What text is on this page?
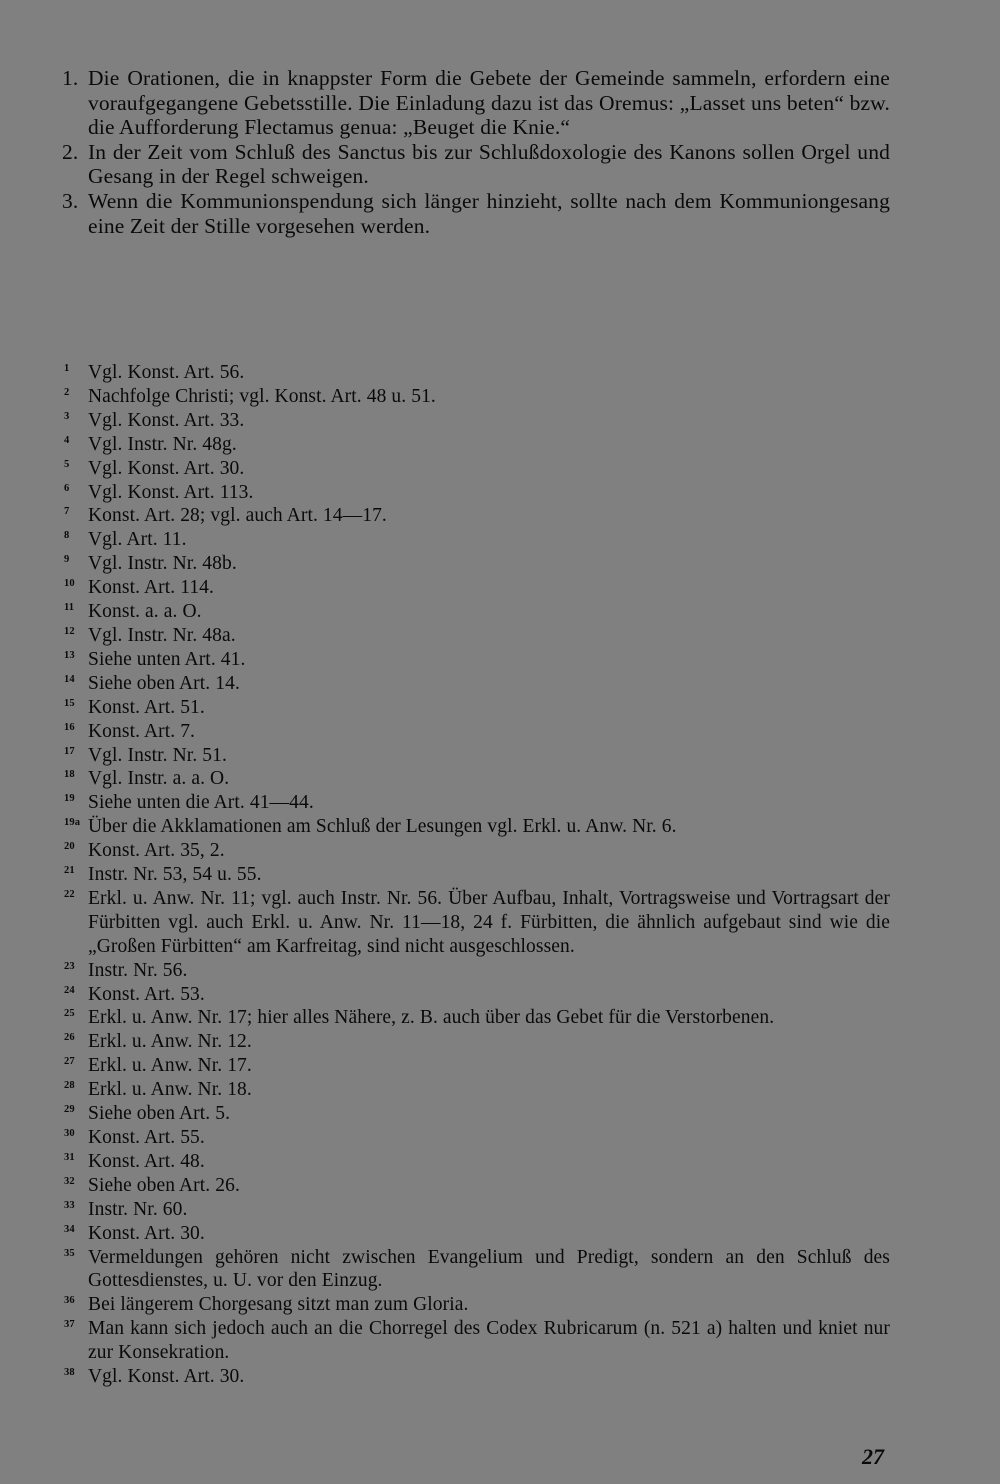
1. Die Orationen, die in knappster Form die Gebete der Gemeinde sammeln, erfordern eine voraufgegangene Gebetsstille. Die Einladung dazu ist das Oremus: „Lasset uns beten“ bzw. die Aufforderung Flectamus genua: „Beuget die Knie.“
2. In der Zeit vom Schluß des Sanctus bis zur Schlußdoxologie des Kanons sollen Orgel und Gesang in der Regel schweigen.
3. Wenn die Kommunionspendung sich länger hinzieht, sollte nach dem Kommuniongesang eine Zeit der Stille vorgesehen werden.
1 Vgl. Konst. Art. 56.
2 Nachfolge Christi; vgl. Konst. Art. 48 u. 51.
3 Vgl. Konst. Art. 33.
4 Vgl. Instr. Nr. 48g.
5 Vgl. Konst. Art. 30.
6 Vgl. Konst. Art. 113.
7 Konst. Art. 28; vgl. auch Art. 14—17.
8 Vgl. Art. 11.
9 Vgl. Instr. Nr. 48b.
10 Konst. Art. 114.
11 Konst. a. a. O.
12 Vgl. Instr. Nr. 48a.
13 Siehe unten Art. 41.
14 Siehe oben Art. 14.
15 Konst. Art. 51.
16 Konst. Art. 7.
17 Vgl. Instr. Nr. 51.
18 Vgl. Instr. a. a. O.
19 Siehe unten die Art. 41—44.
19a Über die Akklamationen am Schluß der Lesungen vgl. Erkl. u. Anw. Nr. 6.
20 Konst. Art. 35, 2.
21 Instr. Nr. 53, 54 u. 55.
22 Erkl. u. Anw. Nr. 11; vgl. auch Instr. Nr. 56. Über Aufbau, Inhalt, Vortragsweise und Vortragsart der Fürbitten vgl. auch Erkl. u. Anw. Nr. 11—18, 24 f. Fürbitten, die ähnlich aufgebaut sind wie die „Großen Fürbitten“ am Karfreitag, sind nicht ausgeschlossen.
23 Instr. Nr. 56.
24 Konst. Art. 53.
25 Erkl. u. Anw. Nr. 17; hier alles Nähere, z. B. auch über das Gebet für die Verstorbenen.
26 Erkl. u. Anw. Nr. 12.
27 Erkl. u. Anw. Nr. 17.
28 Erkl. u. Anw. Nr. 18.
29 Siehe oben Art. 5.
30 Konst. Art. 55.
31 Konst. Art. 48.
32 Siehe oben Art. 26.
33 Instr. Nr. 60.
34 Konst. Art. 30.
35 Vermeldungen gehören nicht zwischen Evangelium und Predigt, sondern an den Schluß des Gottesdienstes, u. U. vor den Einzug.
36 Bei längerem Chorgesang sitzt man zum Gloria.
37 Man kann sich jedoch auch an die Chorregel des Codex Rubricarum (n. 521 a) halten und kniet nur zur Konsekration.
38 Vgl. Konst. Art. 30.
27
